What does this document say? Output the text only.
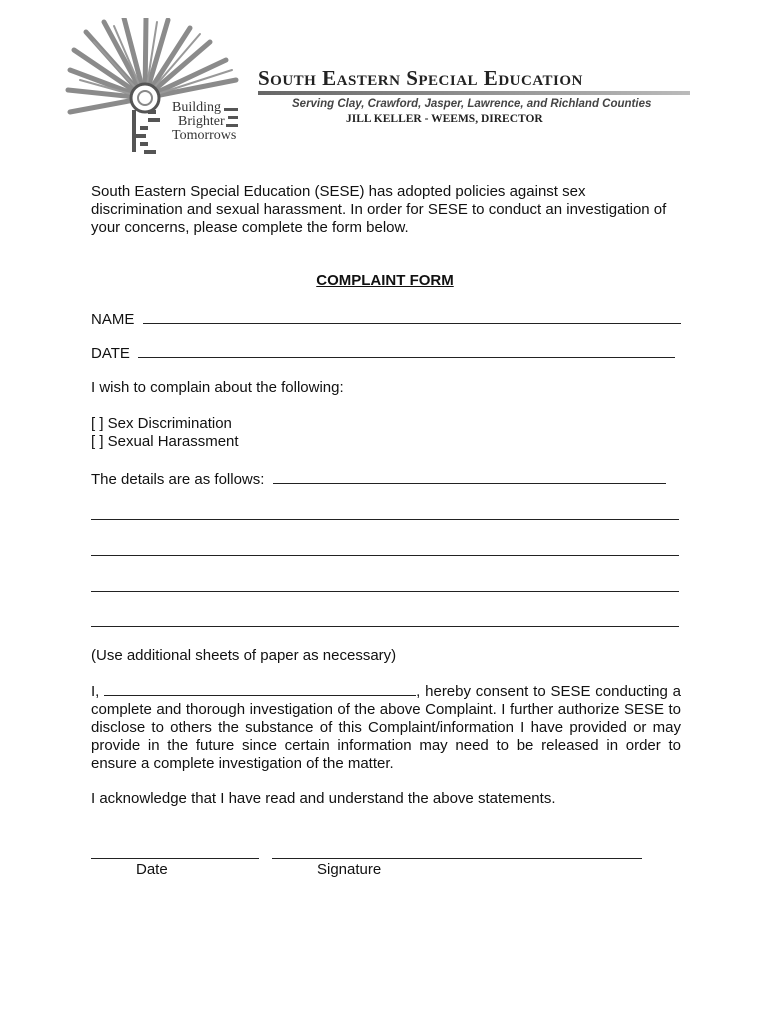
Building
Brighter
Tomorrows
South Eastern Special Education
Serving Clay, Crawford, Jasper, Lawrence, and Richland Counties
JILL KELLER - WEEMS, DIRECTOR
South Eastern Special Education (SESE) has adopted policies against sex discrimination and sexual harassment. In order for SESE to conduct an investigation of your concerns, please complete the form below.
COMPLAINT FORM
NAME
DATE
I wish to complain about the following:
[ ] Sex Discrimination
[ ] Sexual Harassment
The details are as follows:
(Use additional sheets of paper as necessary)
I,	, hereby consent to SESE conducting a complete and thorough investigation of the above Complaint. I further authorize SESE to disclose to others the substance of this Complaint/information I have provided or may provide in the future since certain information may need to be released in order to ensure a complete investigation of the matter.
I acknowledge that I have read and understand the above statements.
Date	Signature
